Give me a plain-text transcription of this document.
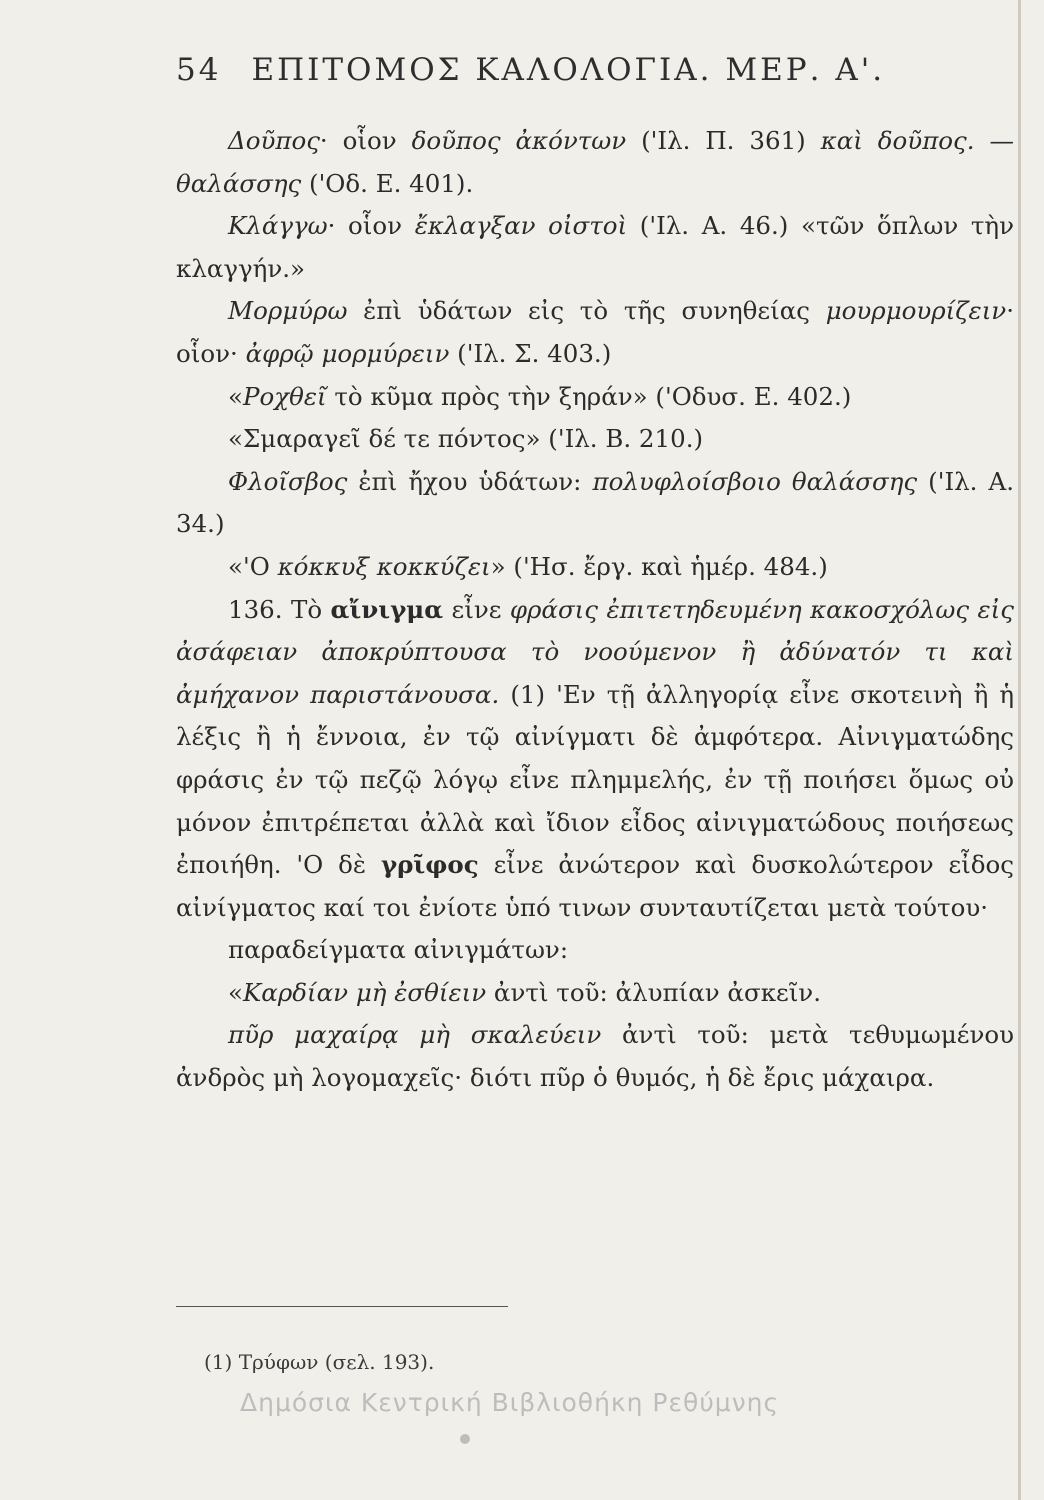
54 ΕΠΙΤΟΜΟΣ ΚΑΛΟΛΟΓΙΑ. ΜΕΡ. Α'.

Δοῦπος· οἷον δοῦπος ἀκόντων ('Ιλ. Π. 361) καὶ δοῦπος. —θαλάσσης ('Οδ. Ε. 401).

Κλάγγω· οἷον ἔκλαγξαν οἰστοὶ ('Ιλ. Α. 46.) «τῶν ὅπλων τὴν κλαγγήν.»

Μορμύρω ἐπὶ ὑδάτων εἰς τὸ τῆς συνηθείας μουρμουρίζειν· οἷον· ἀφρῷ μορμύρειν ('Ιλ. Σ. 403.)

«Ροχθεῖ τὸ κῦμα πρὸς τὴν ξηράν» ('Οδυσ. Ε. 402.)

«Σμαραγεῖ δέ τε πόντος» ('Ιλ. Β. 210.)

Φλοῖσβος ἐπὶ ἤχου ὑδάτων: πολυφλοίσβοιο θαλάσσης ('Ιλ. Α. 34.)

«'Ο κόκκυξ κοκκύζει» ('Ησ. ἔργ. καὶ ἡμέρ. 484.)

136. Τὸ αἴνιγμα εἶνε φράσις ἐπιτετηδευμένη κακοσχόλως εἰς ἀσάφειαν ἀποκρύπτουσα τὸ νοούμενον ἢ ἀδύνατόν τι καὶ ἀμήχανον παριστάνουσα. (1) 'Εν τῇ ἀλληγορίᾳ εἶνε σκοτεινὴ ἢ ἡ λέξις ἢ ἡ ἔννοια, ἐν τῷ αἰνίγματι δὲ ἀμφότερα. Αἰνιγματώδης φράσις ἐν τῷ πεζῷ λόγῳ εἶνε πλημμελής, ἐν τῇ ποιήσει ὅμως οὐ μόνον ἐπιτρέπεται ἀλλὰ καὶ ἴδιον εἶδος αἰνιγματώδους ποιήσεως ἐποιήθη. 'Ο δὲ γρῖφος εἶνε ἀνώτερον καὶ δυσκολώτερον εἶδος αἰνίγματος καί τοι ἐνίοτε ὑπό τινων συνταυτίζεται μετὰ τούτου·

παραδείγματα αἰνιγμάτων:

«Καρδίαν μὴ ἐσθίειν ἀντὶ τοῦ: ἀλυπίαν ἀσκεῖν.

πῦρ μαχαίρᾳ μὴ σκαλεύειν ἀντὶ τοῦ: μετὰ τεθυμωμένου ἀνδρὸς μὴ λογομαχεῖς· διότι πῦρ ὁ θυμός, ἡ δὲ ἔρις μάχαιρα.

(1) Τρύφων (σελ. 193).
Δημόσια Κεντρική Βιβλιοθήκη Ρεθύμνης
